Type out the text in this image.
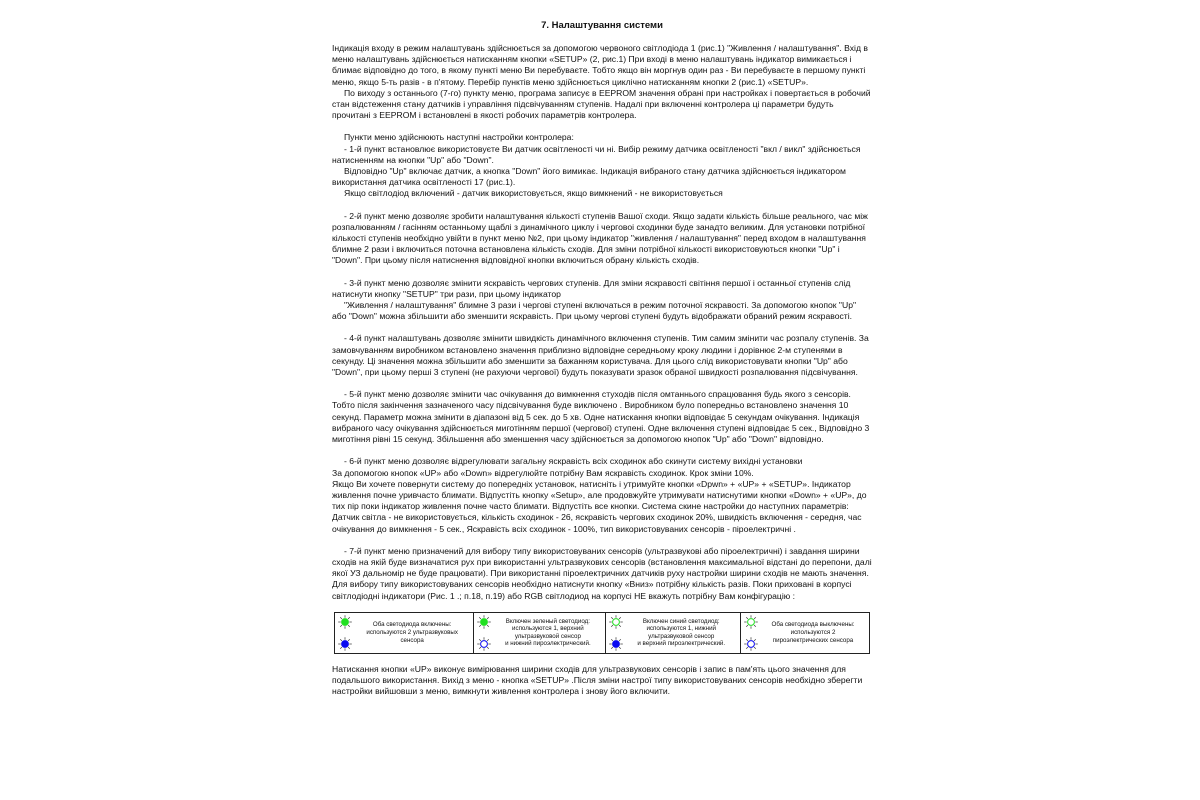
7. Налаштування системи

Індикація входу в режим налаштувань здійснюється за допомогою червоного світлодіода 1 (рис.1) "Живлення / налаштування". Вхід в меню налаштувань здійснюється натисканням кнопки «SETUP» (2, рис.1) При вході в меню налаштувань індикатор вимикається і блимає відповідно до того, в якому пункті меню Ви перебуваєте. Тобто якщо він моргнув один раз - Ви перебуваєте в першому пункті меню, якщо 5-ть разів - в п'ятому. Перебір пунктів меню здійснюється циклічно натисканням кнопки 2 (рис.1) «SETUP».

По виходу з останнього (7-го) пункту меню, програма записує в EEPROM значення обрані при настройках і повертається в робочий стан відстеження стану датчиків і управління підсвічуванням ступенів. Надалі при включенні контролера ці параметри будуть прочитані з EEPROM і встановлені в якості робочих параметрів контролера.

Пункти меню здійснюють наступні настройки контролера:

- 1-й пункт встановлює використовуєте Ви датчик освітленості чи ні. Вибір режиму датчика освітленості "вкл / викл" здійснюється натисненням на кнопки "Up" або "Down".

Відповідно "Up" включає датчик, а кнопка "Down" його вимикає. Індикація вибраного стану датчика здійснюється індикатором використання датчика освітленості 17 (рис.1).

Якщо світлодіод включений - датчик використовується, якщо вимкнений - не використовується

- 2-й пункт меню дозволяє зробити налаштування кількості ступенів Вашої сходи. Якщо задати кількість більше реального, час між розпалюванням / гасінням останньому щаблі з динамічного циклу і черговоі сходинки буде занадто великим. Для установки потрібної кількості ступенів необхідно увійти в пункт меню №2, при цьому індикатор "живлення / налаштування" перед входом в налаштування блимне 2 рази і включиться поточна встановлена кількість сходів. Для зміни потрібної кількості використовуються кнопки "Up" і "Down". При цьому після натиснення відповідної кнопки включиться обрану кількість сходів.

- 3-й пункт меню дозволяє змінити яскравість чергових ступенів. Для зміни яскравості світіння першої і останньої ступенів слід натиснути кнопку "SETUP" три рази, при цьому індикатор

"Живлення / налаштування" блимне 3 рази і чергові ступені включаться в режим поточної яскравості. За допомогою кнопок "Up" або "Down" можна збільшити або зменшити яскравість. При цьому чергові ступені будуть відображати обраний режим яскравості.

- 4-й пункт налаштувань дозволяє змінити швидкість динамічного включення ступенів. Тим самим змінити час розпалу ступенів. За замовчуванням виробником встановлено значення приблизно відповідне середньому кроку людини і дорівнює 2-м ступенями в секунду. Ці значення можна збільшити або зменшити за бажанням користувача. Для цього слід використовувати кнопки "Up" або "Down", при цьому перші 3 ступені (не рахуючи чергової) будуть показувати зразок обраної швидкості розпалювання підсвічування.

- 5-й пункт меню дозволяє змінити час очікування до вимкнення стуходів після омтаннього спрацювання будь якого з сенсорів. Тобто після закінчення зазначеного часу підсвічування буде виключено . Виробником було попередньо встановлено значення 10 секунд. Параметр можна змінити в діапазоні від 5 сек. до 5 хв. Одне натискання кнопки відповідає 5 секундам очікування. Індикація вибраного часу очікування здійснюється миготінням першої (чергової) ступені. Одне включення ступені відповідає 5 сек., Відповідно 3 миготіння рівні 15 секунд. Збільшення або зменшення часу здійснюється за допомогою кнопок "Up" або "Down" відповідно.

- 6-й пункт меню дозволяє відрегулювати загальну яскравість всіх сходинок або скинути систему вихідні установки

За допомогою кнопок «UP» або «Down» відрегулюйте потрібну Вам яскравість сходинок. Крок зміни 10%.

Якщо Ви хочете повернути систему до попередніх установок, натисніть і утримуйте кнопки «Dpwn» + «UP» + «SETUP». Індикатор живлення почне уривчасто блимати. Відпустіть кнопку «Setup», але продовжуйте утримувати натиснутими кнопки «Down» + «UP», до тих пір поки індикатор живлення почне часто блимати. Відпустіть все кнопки. Система скине настройки до наступних параметрів: Датчик світла - не використовується, кількість сходинок - 26, яскравість чергових сходинок 20%, швидкість включення - середня, час очікування до вимкнення - 5 сек., Яскравість всіх сходинок - 100%, тип використовуваних сенсорів - піроелектричні .

- 7-й пункт меню призначений для вибору типу використовуваних сенсорів (ультразвукові або піроелектричні) і завдання ширини сходів на якій буде визначатися рух при використанні ультразвукових сенсорів (встановлення максимальної відстані до перепони, далі якої УЗ дальномір не буде працювати). При використанні піроелектричних датчиків руху настройки ширини сходів не мають значення.

Для вибору типу використовуваних сенсорів необхідно натиснути кнопку «Вниз» потрібну кількість разів. Поки приховані в корпусі світлодіодні індикатори (Рис. 1 .; п.18, п.19) або RGB світлодиод на корпусі НЕ вкажуть потрібну Вам конфігурацію :

Оба светодиода включены:
используются 2 ультразвуковых
сенсора

Включен зеленый светодиод:
используются 1, верхний
ультразвуковой сенсор
и нижний пироэлектрический.

Включен синий светодиод:
используются 1, нижний
ультразвуковой сенсор
и верхний пироэлектрический.

Оба светодиода выключены:
используются 2
пироэлектрических сенсора

Натискання кнопки «UP» виконує вимірювання ширини сходів для ультразвукових сенсорів і запис в пам'ять цього значення для подальшого використання. Вихід з меню - кнопка «SETUP» .Після зміни настрої типу використовуваних сенсорів необхідно зберегти настройки вийшовши з меню, вимкнути живлення контролера і знову його включити.
